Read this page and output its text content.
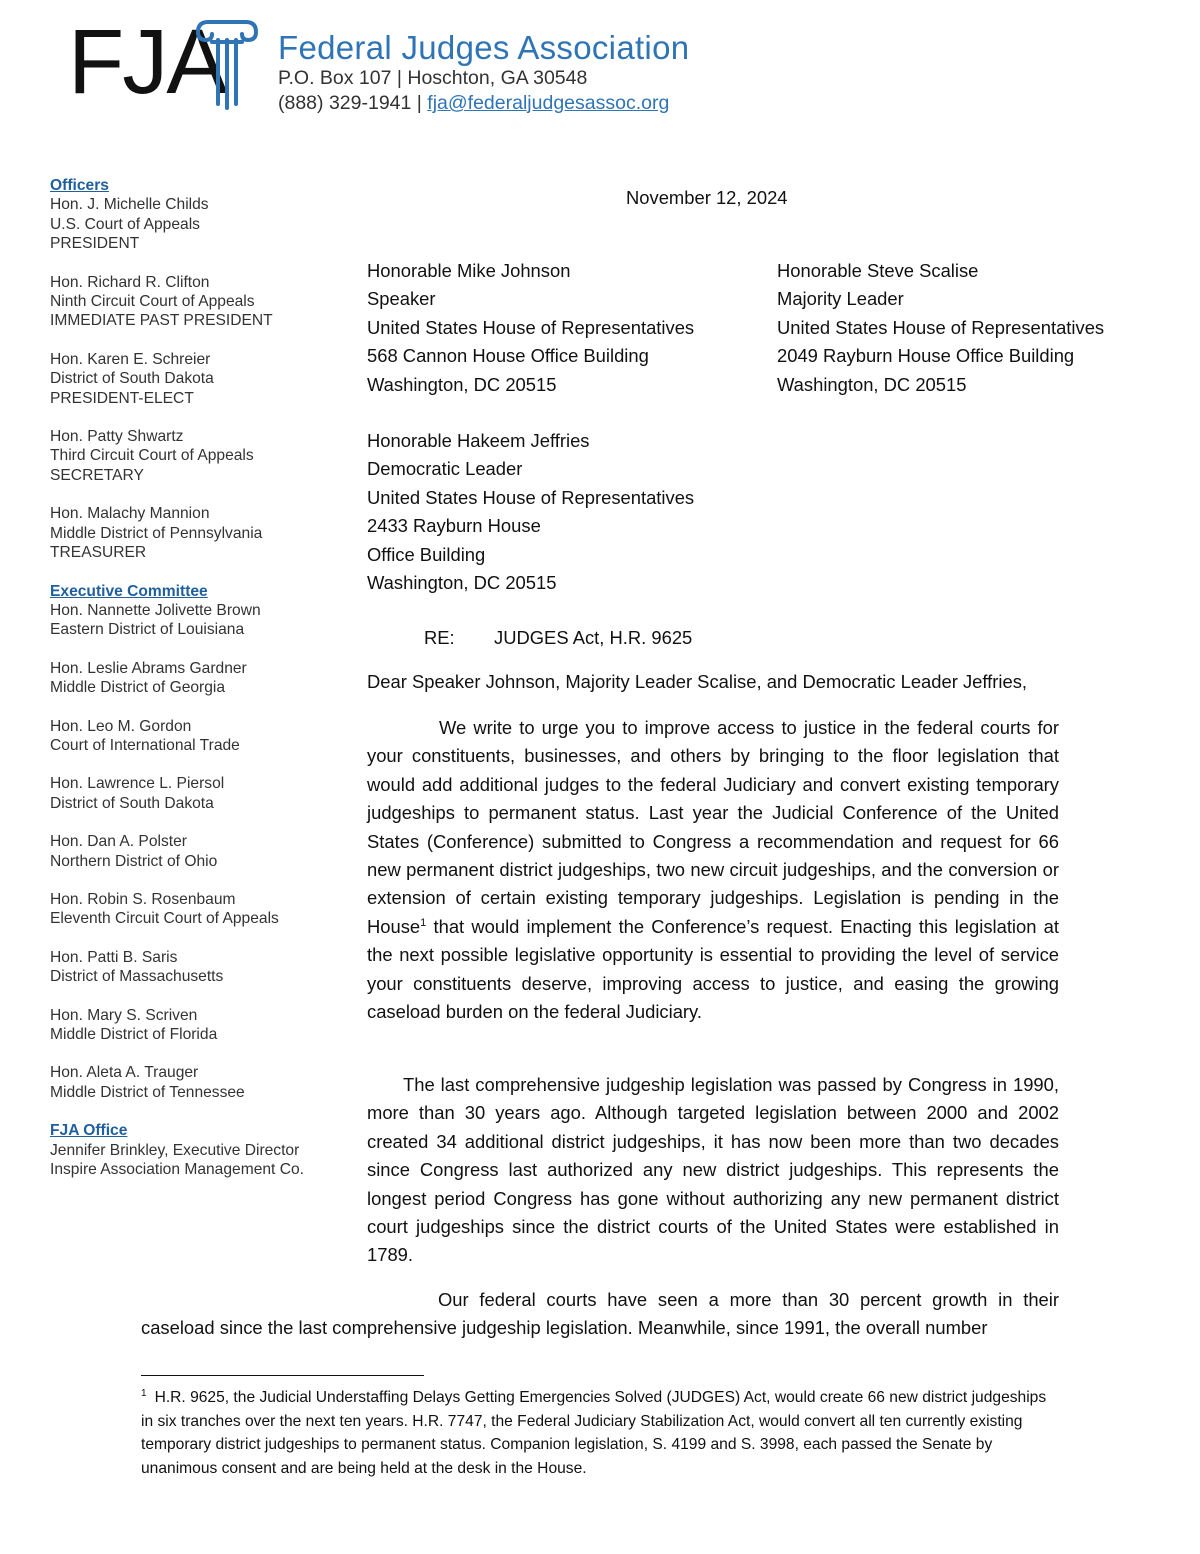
FJA Federal Judges Association
P.O. Box 107 | Hoschton, GA 30548
(888) 329-1941 | fja@federaljudgesassoc.org
Officers
Hon. J. Michelle Childs
U.S. Court of Appeals
PRESIDENT
Hon. Richard R. Clifton
Ninth Circuit Court of Appeals
IMMEDIATE PAST PRESIDENT
Hon. Karen E. Schreier
District of South Dakota
PRESIDENT-ELECT
Hon. Patty Shwartz
Third Circuit Court of Appeals
SECRETARY
Hon. Malachy Mannion
Middle District of Pennsylvania
TREASURER
Executive Committee
Hon. Nannette Jolivette Brown
Eastern District of Louisiana
Hon. Leslie Abrams Gardner
Middle District of Georgia
Hon. Leo M. Gordon
Court of International Trade
Hon. Lawrence L. Piersol
District of South Dakota
Hon. Dan A. Polster
Northern District of Ohio
Hon. Robin S. Rosenbaum
Eleventh Circuit Court of Appeals
Hon. Patti B. Saris
District of Massachusetts
Hon. Mary S. Scriven
Middle District of Florida
Hon. Aleta A. Trauger
Middle District of Tennessee
FJA Office
Jennifer Brinkley, Executive Director
Inspire Association Management Co.
November 12, 2024
Honorable Mike Johnson
Speaker
United States House of Representatives
568 Cannon House Office Building
Washington, DC 20515
Honorable Steve Scalise
Majority Leader
United States House of Representatives
2049 Rayburn House Office Building
Washington, DC 20515
Honorable Hakeem Jeffries
Democratic Leader
United States House of Representatives
2433 Rayburn House
Office Building
Washington, DC 20515
RE: JUDGES Act, H.R. 9625
Dear Speaker Johnson, Majority Leader Scalise, and Democratic Leader Jeffries,
We write to urge you to improve access to justice in the federal courts for your constituents, businesses, and others by bringing to the floor legislation that would add additional judges to the federal Judiciary and convert existing temporary judgeships to permanent status. Last year the Judicial Conference of the United States (Conference) submitted to Congress a recommendation and request for 66 new permanent district judgeships, two new circuit judgeships, and the conversion or extension of certain existing temporary judgeships. Legislation is pending in the House$^1$ that would implement the Conference’s request. Enacting this legislation at the next possible legislative opportunity is essential to providing the level of service your constituents deserve, improving access to justice, and easing the growing caseload burden on the federal Judiciary.
The last comprehensive judgeship legislation was passed by Congress in 1990, more than 30 years ago. Although targeted legislation between 2000 and 2002 created 34 additional district judgeships, it has now been more than two decades since Congress last authorized any new district judgeships. This represents the longest period Congress has gone without authorizing any new permanent district court judgeships since the district courts of the United States were established in 1789.
Our federal courts have seen a more than 30 percent growth in their caseload since the last comprehensive judgeship legislation. Meanwhile, since 1991, the overall number
$^1$ H.R. 9625, the Judicial Understaffing Delays Getting Emergencies Solved (JUDGES) Act, would create 66 new district judgeships in six tranches over the next ten years. H.R. 7747, the Federal Judiciary Stabilization Act, would convert all ten currently existing temporary district judgeships to permanent status. Companion legislation, S. 4199 and S. 3998, each passed the Senate by unanimous consent and are being held at the desk in the House.
